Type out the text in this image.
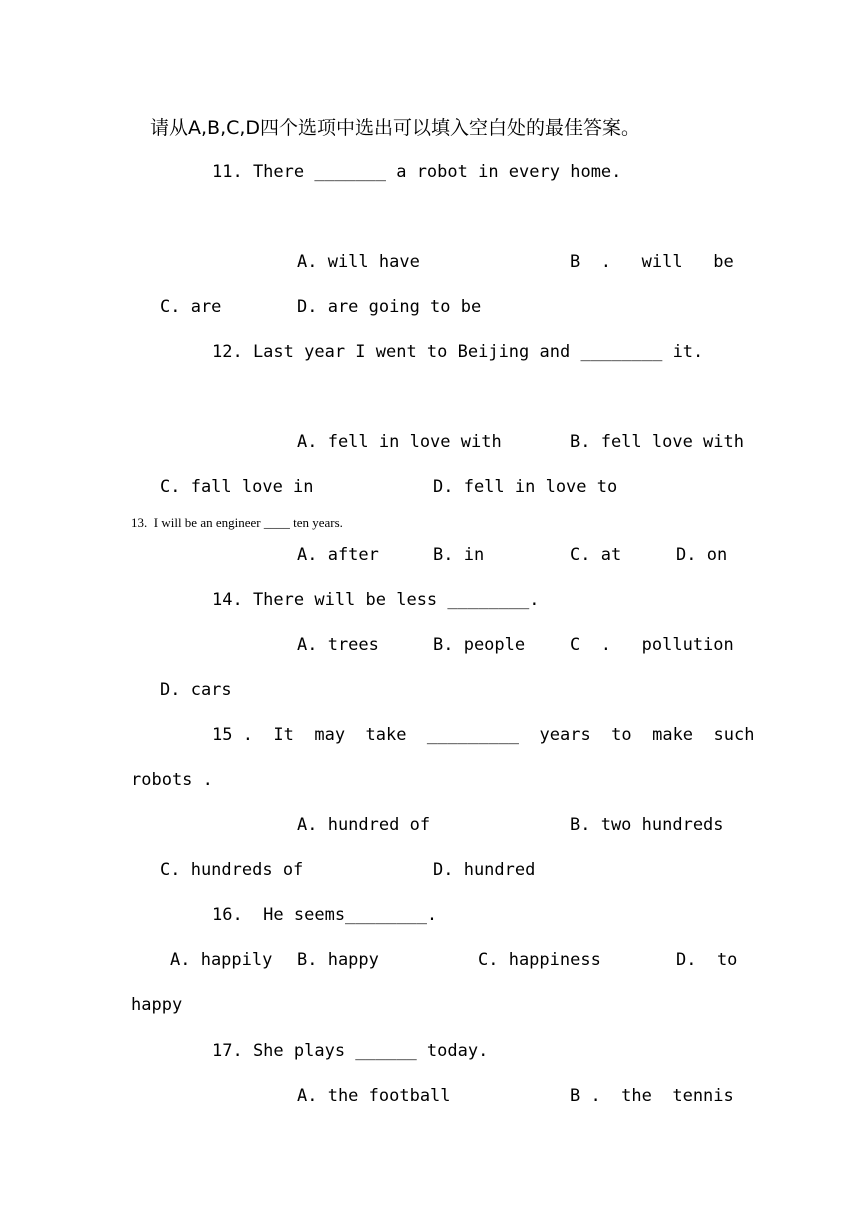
请从A,B,C,D四个选项中选出可以填入空白处的最佳答案。
11. There _______ a robot in every home.
A. will have	B  .   will   be
C. are	D. are going to be
12. Last year I went to Beijing and ________ it.
A. fell in love with	B. fell love with
C. fall love in	D. fell in love to
13.  I will be an engineer ____ ten years.
A. after	B. in	C. at	D. on
14. There will be less ________.
A. trees	B. people	C  .   pollution
D. cars
15 .  It  may  take  _________  years  to  make  such
robots .
A. hundred of	B. two hundreds
C. hundreds of	D. hundred
16.  He seems________.
A. happily B. happy	C. happiness	D.  to
happy
17. She plays ______ today.
A. the football	B .  the  tennis
